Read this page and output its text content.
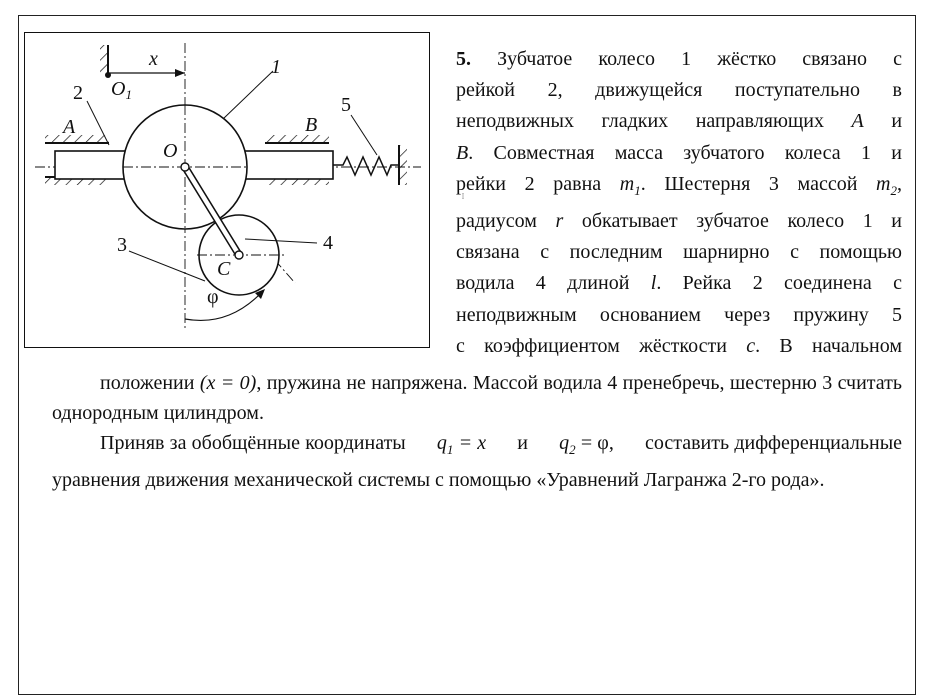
x
$O_1$
1
2
A	B
5
O
3	4
C
φ

5. Зубчатое колесо 1 жёстко связано с

рейкой 2, движущейся поступательно в

неподвижных гладких направляющих A и

B. Совместная масса зубчатого колеса 1 и

рейки 2 равна $m_1$. Шестерня 3 массой $m_2$,

радиусом r обкатывает зубчатое колесо 1 и

связана с последним шарнирно с помощью

водила 4 длиной l. Рейка 2 соединена с

неподвижным основанием через пружину 5

с коэффициентом жёсткости c. В начальном

положении (x = 0), пружина не напряжена. Массой водила 4 пренебречь, шестерню 3 считать однородным цилиндром.

Приняв за обобщённые координаты $q_1 = x$ и $q_2 = \varphi$, составить дифференциальные уравнения движения механической системы с помощью «Уравнений Лагранжа 2-го рода».
